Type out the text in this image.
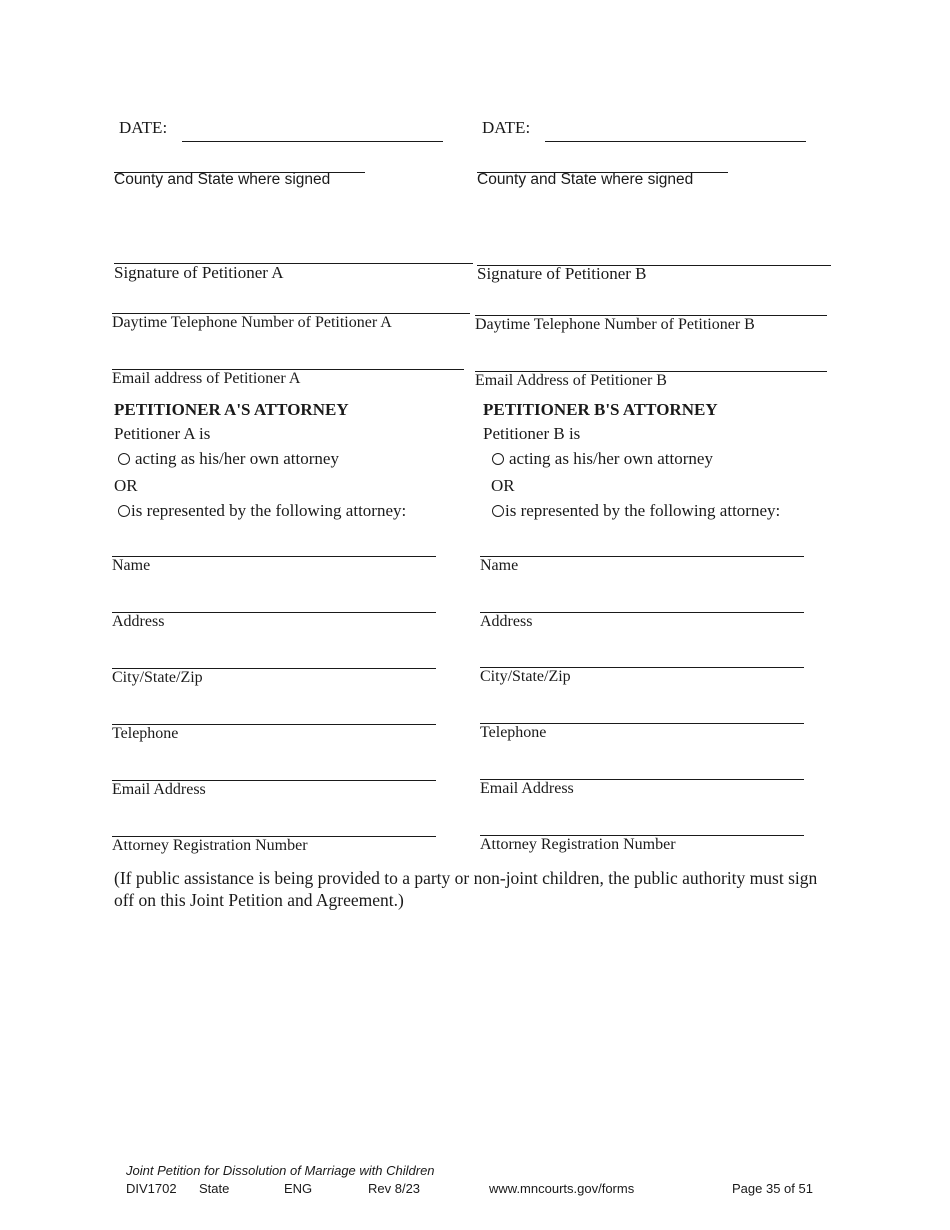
DATE:
County and State where signed
Signature of Petitioner A
Daytime Telephone Number of Petitioner A
Email address of Petitioner A
PETITIONER A'S ATTORNEY
Petitioner A is
acting as his/her own attorney
OR
is represented by the following attorney:
Name
Address
City/State/Zip
Telephone
Email Address
Attorney Registration Number
DATE:
County and State where signed
Signature of Petitioner B
Daytime Telephone Number of Petitioner B
Email Address of Petitioner B
PETITIONER B'S ATTORNEY
Petitioner B is
acting as his/her own attorney
OR
is represented by the following attorney:
Name
Address
City/State/Zip
Telephone
Email Address
Attorney Registration Number
(If public assistance is being provided to a party or non-joint children, the public authority must sign off on this Joint Petition and Agreement.)
Joint Petition for Dissolution of Marriage with Children
DIV1702 State	ENG	Rev 8/23	www.mncourts.gov/forms	Page 35 of 51
